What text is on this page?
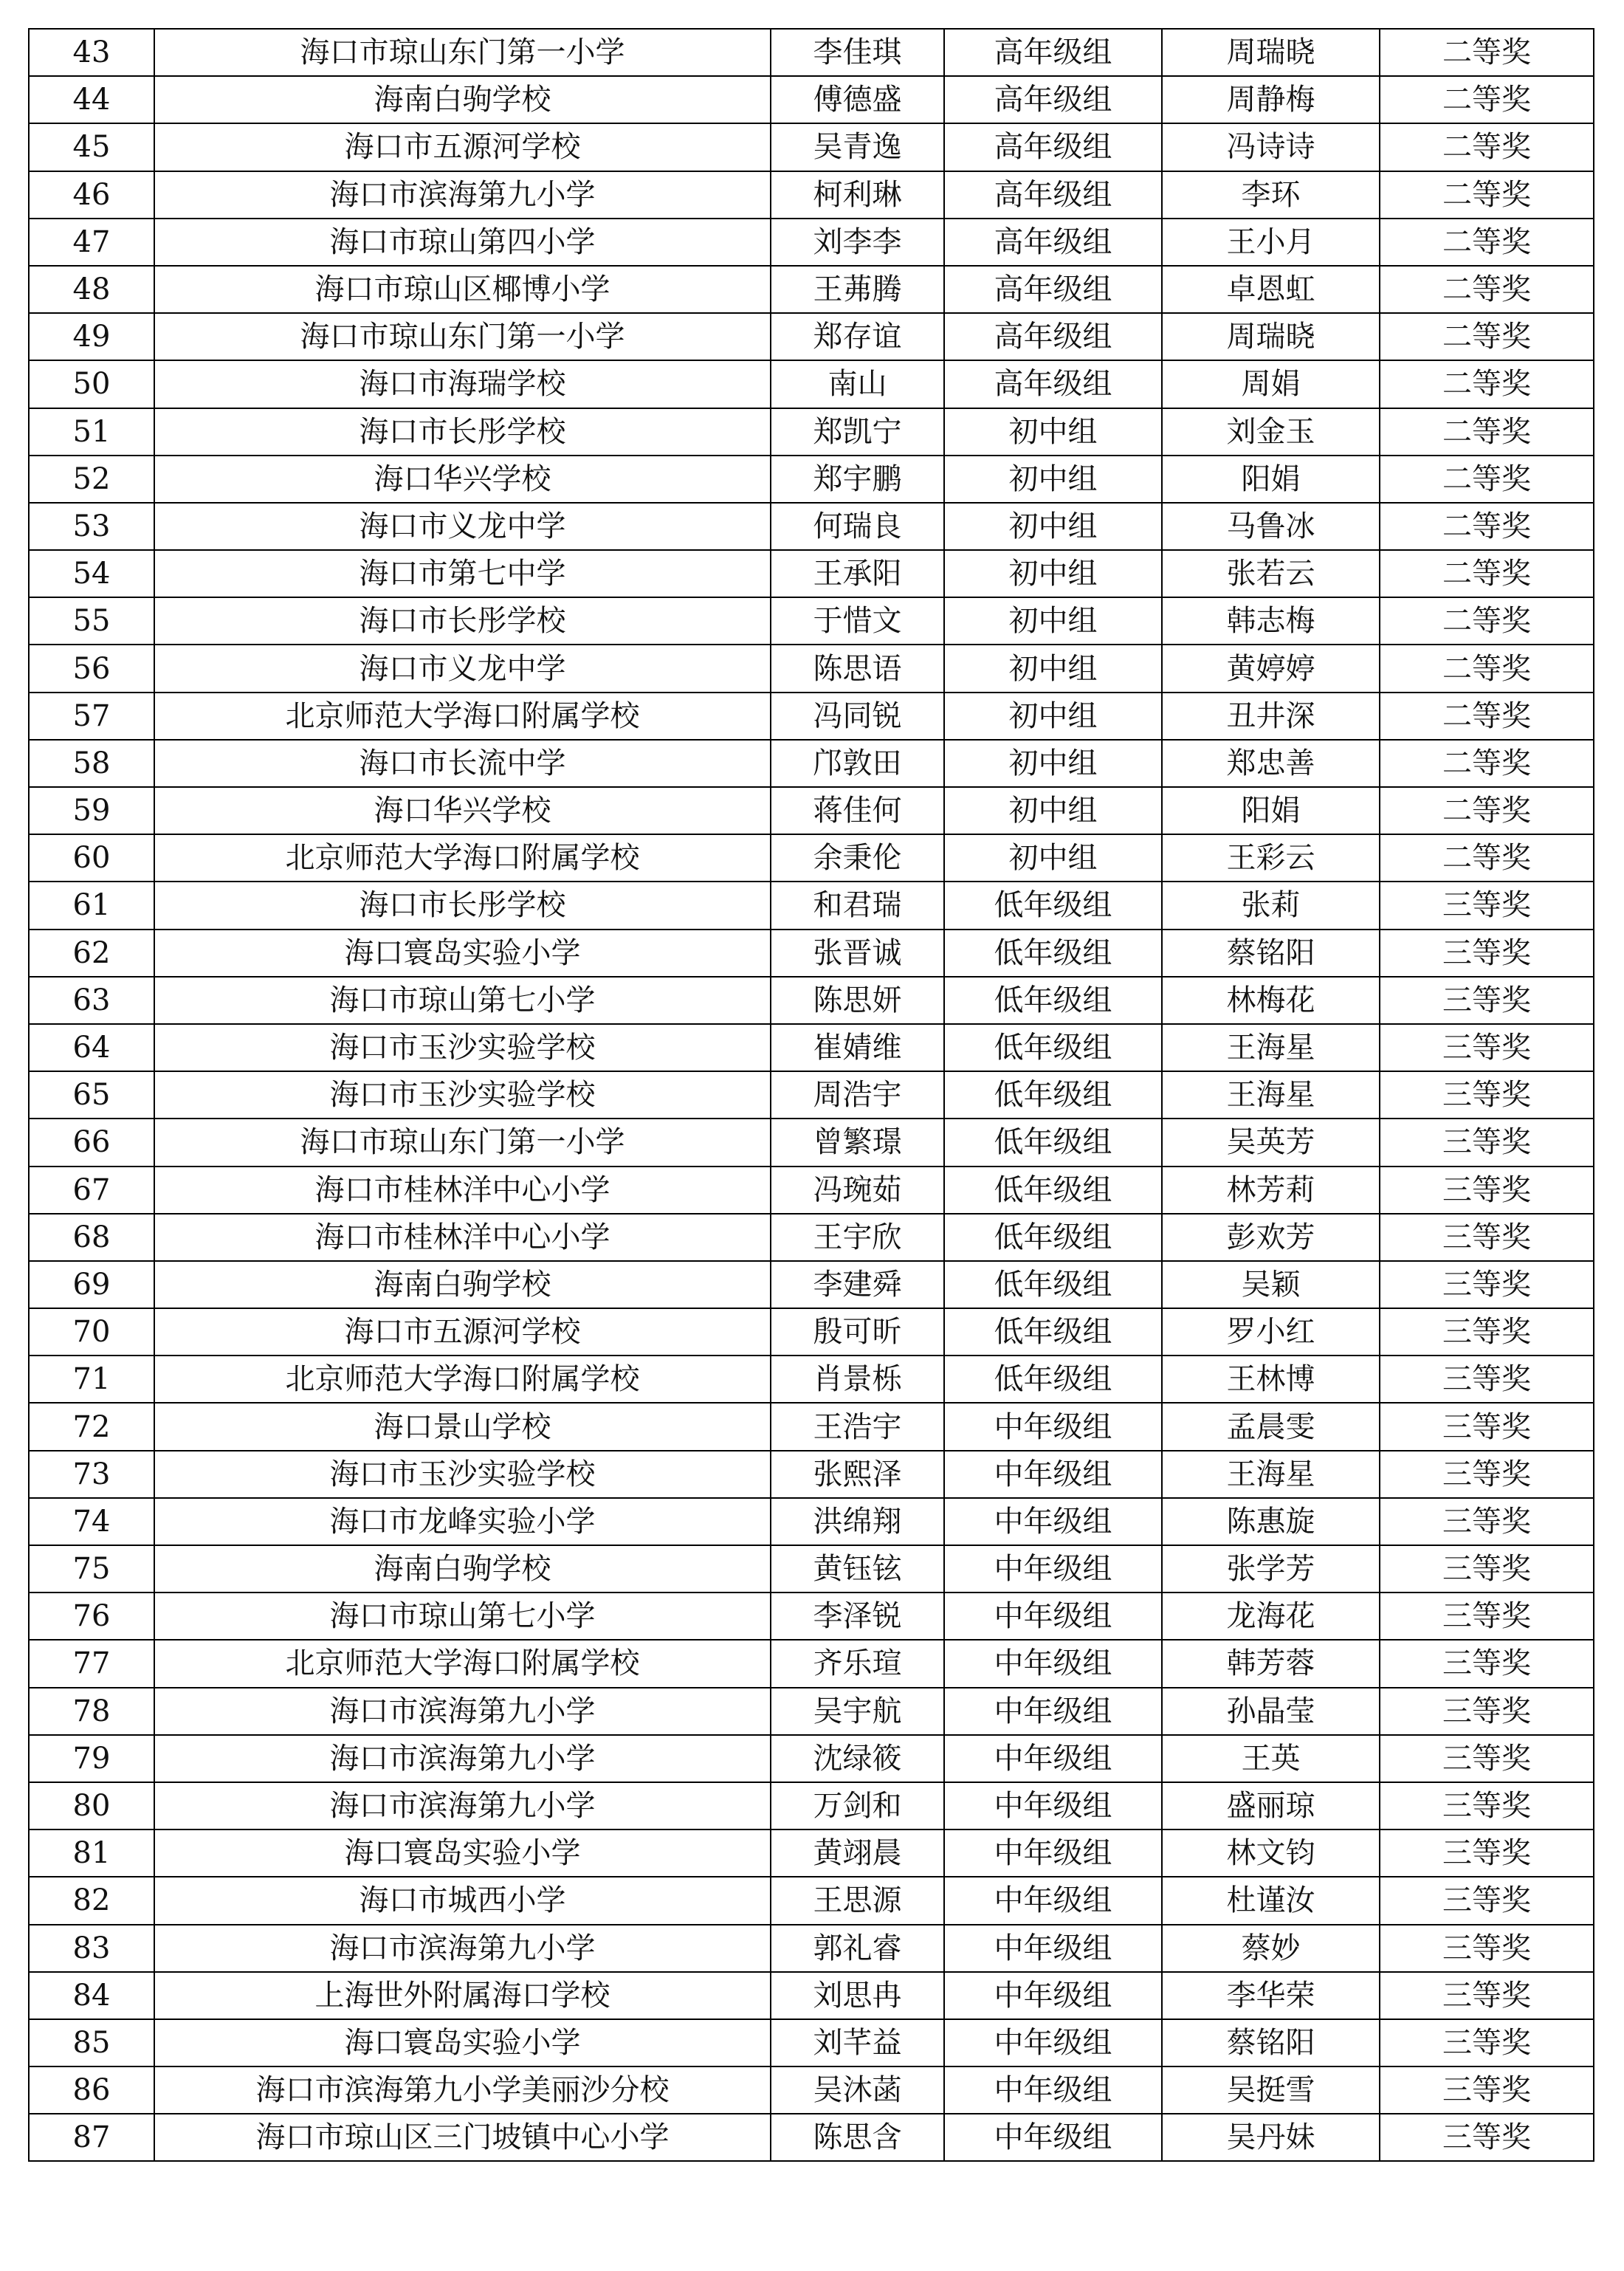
43	海口市琼山东门第一小学	李佳琪	高年级组	周瑞晓	二等奖
44	海南白驹学校	傅德盛	高年级组	周静梅	二等奖
45	海口市五源河学校	吴青逸	高年级组	冯诗诗	二等奖
46	海口市滨海第九小学	柯利琳	高年级组	李环	二等奖
47	海口市琼山第四小学	刘李李	高年级组	王小月	二等奖
48	海口市琼山区椰博小学	王茀腾	高年级组	卓恩虹	二等奖
49	海口市琼山东门第一小学	郑存谊	高年级组	周瑞晓	二等奖
50	海口市海瑞学校	南山	高年级组	周娟	二等奖
51	海口市长彤学校	郑凯宁	初中组	刘金玉	二等奖
52	海口华兴学校	郑宇鹏	初中组	阳娟	二等奖
53	海口市义龙中学	何瑞良	初中组	马鲁冰	二等奖
54	海口市第七中学	王承阳	初中组	张若云	二等奖
55	海口市长彤学校	于惜文	初中组	韩志梅	二等奖
56	海口市义龙中学	陈思语	初中组	黄婷婷	二等奖
57	北京师范大学海口附属学校	冯同锐	初中组	丑井深	二等奖
58	海口市长流中学	邝敦田	初中组	郑忠善	二等奖
59	海口华兴学校	蒋佳何	初中组	阳娟	二等奖
60	北京师范大学海口附属学校	余秉伦	初中组	王彩云	二等奖
61	海口市长彤学校	和君瑞	低年级组	张莉	三等奖
62	海口寰岛实验小学	张晋诚	低年级组	蔡铭阳	三等奖
63	海口市琼山第七小学	陈思妍	低年级组	林梅花	三等奖
64	海口市玉沙实验学校	崔婧维	低年级组	王海星	三等奖
65	海口市玉沙实验学校	周浩宇	低年级组	王海星	三等奖
66	海口市琼山东门第一小学	曾繁璟	低年级组	吴英芳	三等奖
67	海口市桂林洋中心小学	冯琬茹	低年级组	林芳莉	三等奖
68	海口市桂林洋中心小学	王宇欣	低年级组	彭欢芳	三等奖
69	海南白驹学校	李建舜	低年级组	吴颖	三等奖
70	海口市五源河学校	殷可昕	低年级组	罗小红	三等奖
71	北京师范大学海口附属学校	肖景栎	低年级组	王林博	三等奖
72	海口景山学校	王浩宇	中年级组	孟晨雯	三等奖
73	海口市玉沙实验学校	张熙泽	中年级组	王海星	三等奖
74	海口市龙峰实验小学	洪绵翔	中年级组	陈惠旋	三等奖
75	海南白驹学校	黄钰铉	中年级组	张学芳	三等奖
76	海口市琼山第七小学	李泽锐	中年级组	龙海花	三等奖
77	北京师范大学海口附属学校	齐乐瑄	中年级组	韩芳蓉	三等奖
78	海口市滨海第九小学	吴宇航	中年级组	孙晶莹	三等奖
79	海口市滨海第九小学	沈绿筱	中年级组	王英	三等奖
80	海口市滨海第九小学	万剑和	中年级组	盛丽琼	三等奖
81	海口寰岛实验小学	黄翊晨	中年级组	林文钧	三等奖
82	海口市城西小学	王思源	中年级组	杜谨汝	三等奖
83	海口市滨海第九小学	郭礼睿	中年级组	蔡妙	三等奖
84	上海世外附属海口学校	刘思冉	中年级组	李华荣	三等奖
85	海口寰岛实验小学	刘芊益	中年级组	蔡铭阳	三等奖
86	海口市滨海第九小学美丽沙分校	吴沐菡	中年级组	吴挺雪	三等奖
87	海口市琼山区三门坡镇中心小学	陈思含	中年级组	吴丹妹	三等奖
